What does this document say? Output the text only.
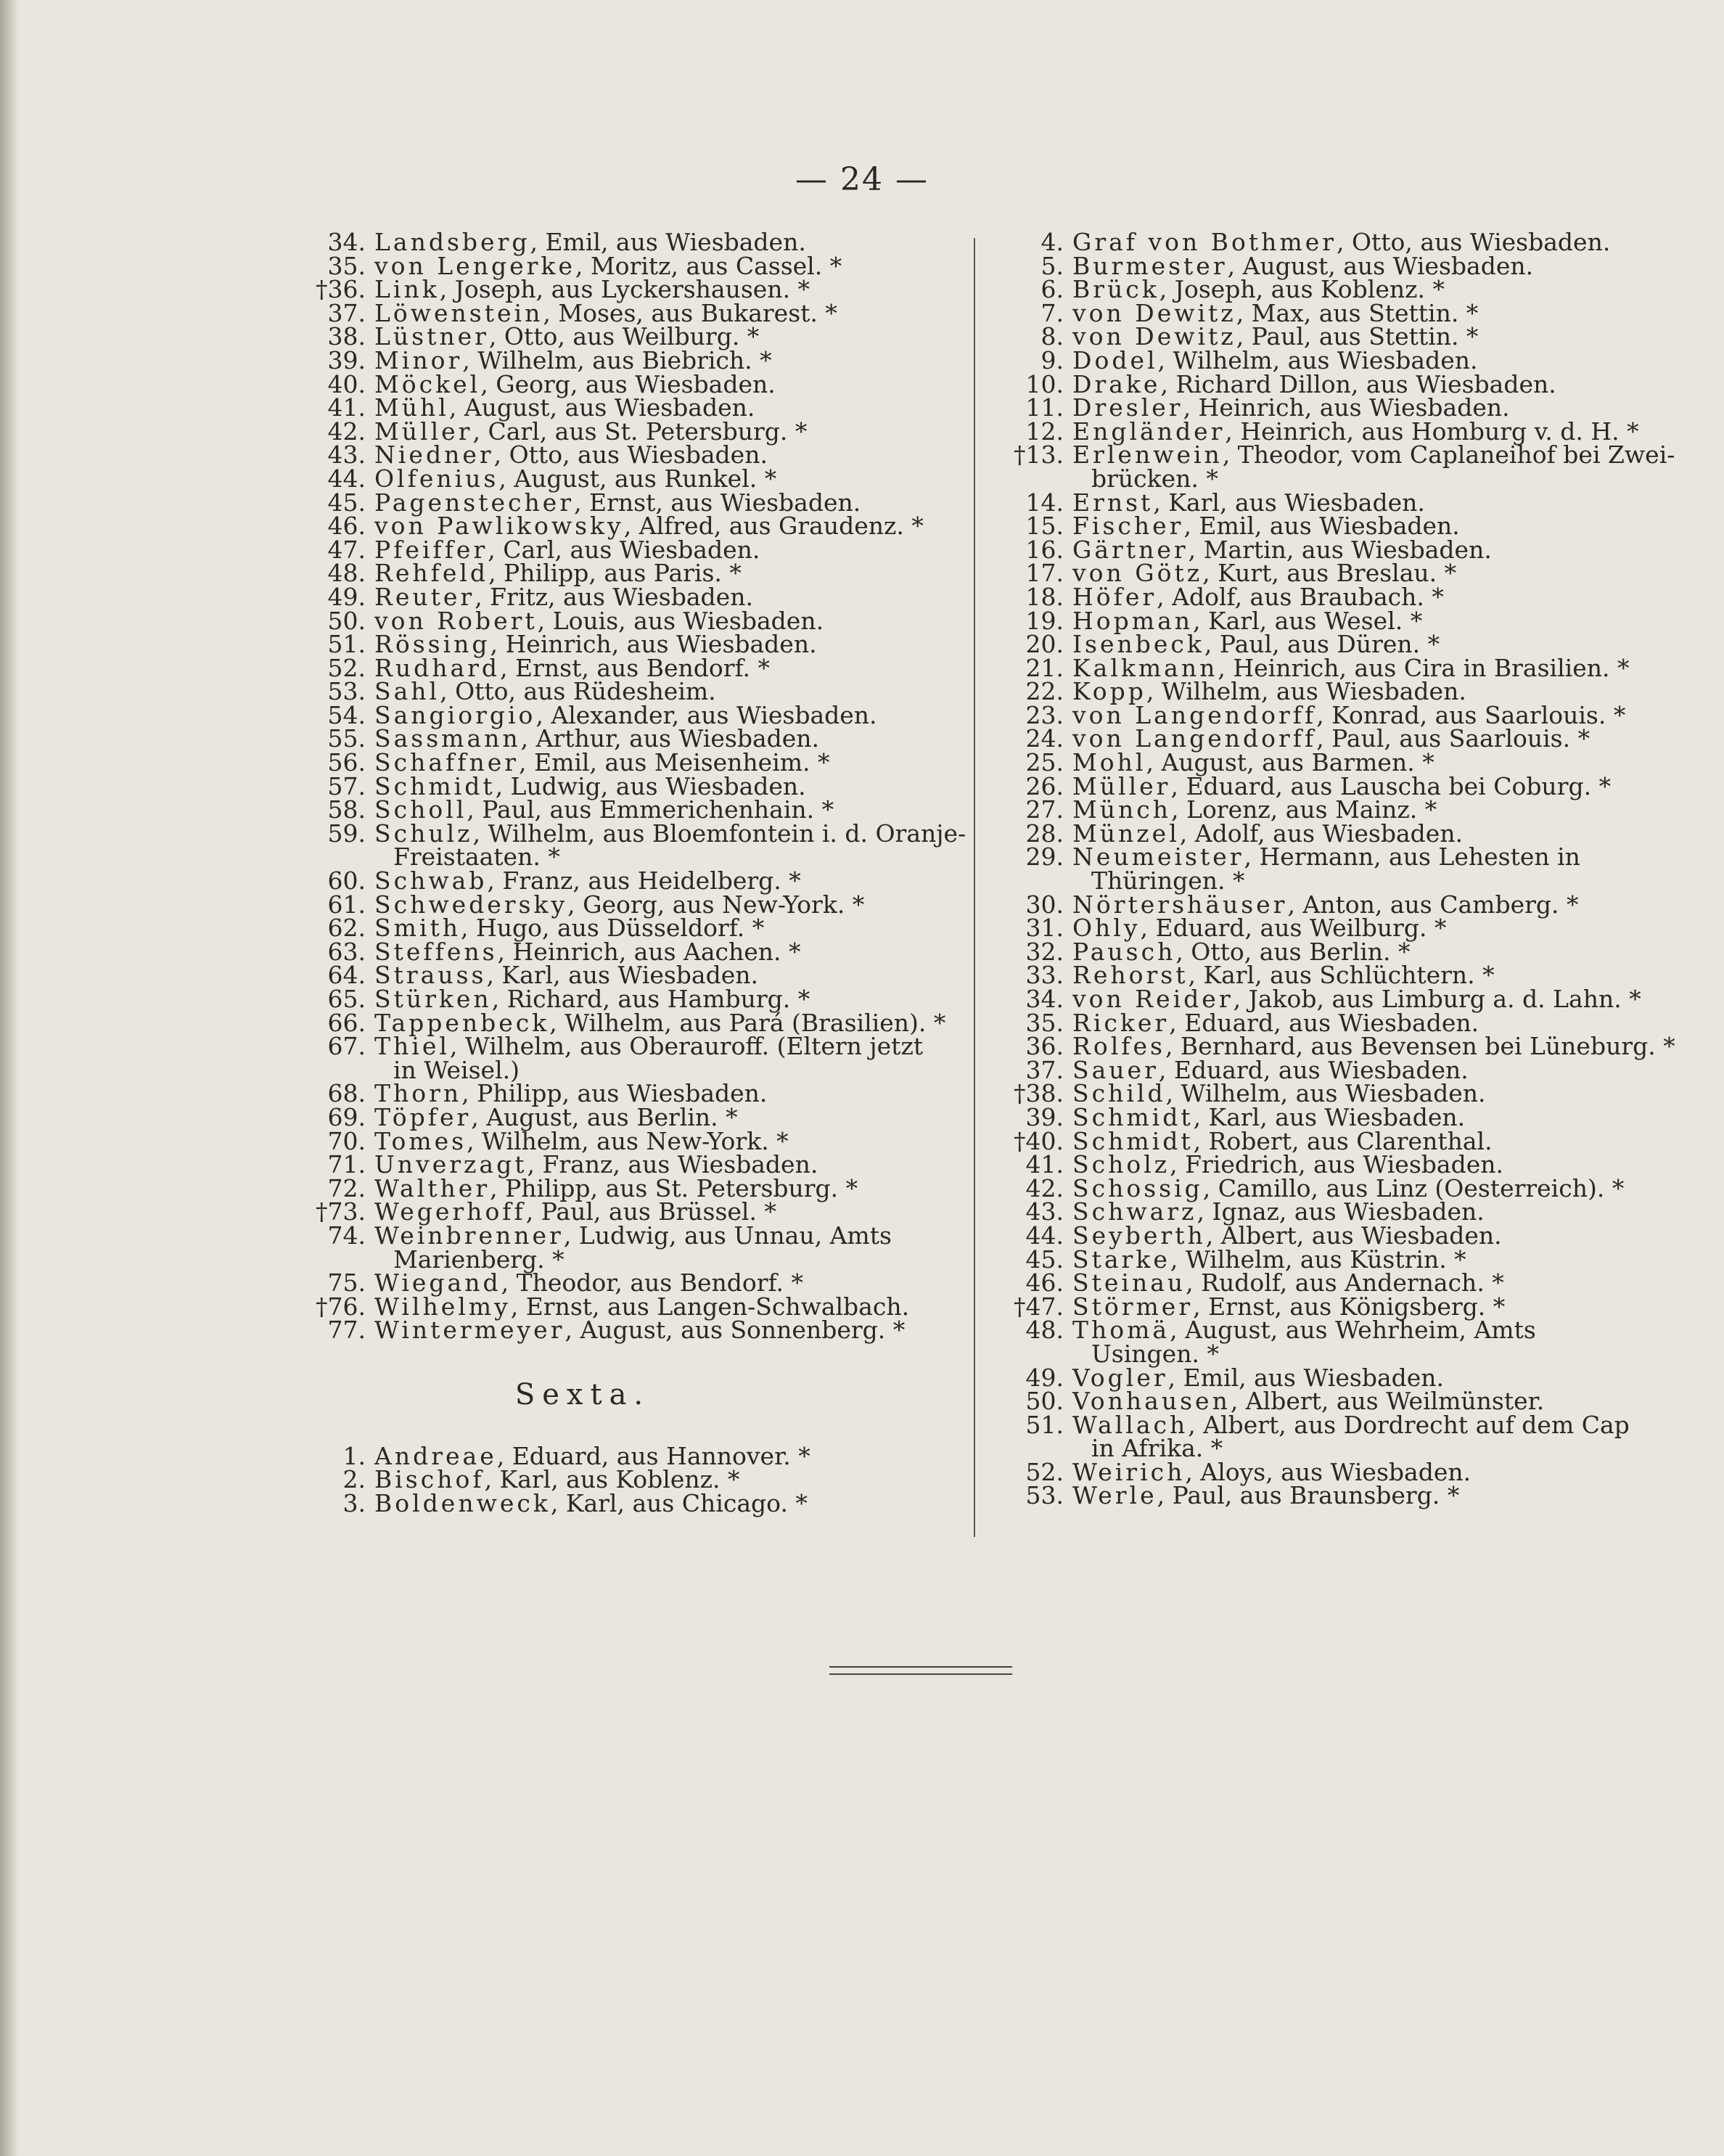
— 24 —
34. Landsberg, Emil, aus Wiesbaden.
35. von Lengerke, Moritz, aus Cassel. *
†36. Link, Joseph, aus Lyckershausen. *
37. Löwenstein, Moses, aus Bukarest. *
38. Lüstner, Otto, aus Weilburg. *
39. Minor, Wilhelm, aus Biebrich. *
40. Möckel, Georg, aus Wiesbaden.
41. Mühl, August, aus Wiesbaden.
42. Müller, Carl, aus St. Petersburg. *
43. Niedner, Otto, aus Wiesbaden.
44. Olfenius, August, aus Runkel. *
45. Pagenstecher, Ernst, aus Wiesbaden.
46. von Pawlikowsky, Alfred, aus Graudenz. *
47. Pfeiffer, Carl, aus Wiesbaden.
48. Rehfeld, Philipp, aus Paris. *
49. Reuter, Fritz, aus Wiesbaden.
50. von Robert, Louis, aus Wiesbaden.
51. Rössing, Heinrich, aus Wiesbaden.
52. Rudhard, Ernst, aus Bendorf. *
53. Sahl, Otto, aus Rüdesheim.
54. Sangiorgio, Alexander, aus Wiesbaden.
55. Sassmann, Arthur, aus Wiesbaden.
56. Schaffner, Emil, aus Meisenheim. *
57. Schmidt, Ludwig, aus Wiesbaden.
58. Scholl, Paul, aus Emmerichenhain. *
59. Schulz, Wilhelm, aus Bloemfontein i. d. Oranje-
Freistaaten. *
60. Schwab, Franz, aus Heidelberg. *
61. Schwedersky, Georg, aus New-York. *
62. Smith, Hugo, aus Düsseldorf. *
63. Steffens, Heinrich, aus Aachen. *
64. Strauss, Karl, aus Wiesbaden.
65. Stürken, Richard, aus Hamburg. *
66. Tappenbeck, Wilhelm, aus Pará (Brasilien). *
67. Thiel, Wilhelm, aus Oberauroff. (Eltern jetzt
in Weisel.)
68. Thorn, Philipp, aus Wiesbaden.
69. Töpfer, August, aus Berlin. *
70. Tomes, Wilhelm, aus New-York. *
71. Unverzagt, Franz, aus Wiesbaden.
72. Walther, Philipp, aus St. Petersburg. *
†73. Wegerhoff, Paul, aus Brüssel. *
74. Weinbrenner, Ludwig, aus Unnau, Amts
Marienberg. *
75. Wiegand, Theodor, aus Bendorf. *
†76. Wilhelmy, Ernst, aus Langen-Schwalbach.
77. Wintermeyer, August, aus Sonnenberg. *
Sexta.
1. Andreae, Eduard, aus Hannover. *
2. Bischof, Karl, aus Koblenz. *
3. Boldenweck, Karl, aus Chicago. *
4. Graf von Bothmer, Otto, aus Wiesbaden.
5. Burmester, August, aus Wiesbaden.
6. Brück, Joseph, aus Koblenz. *
7. von Dewitz, Max, aus Stettin. *
8. von Dewitz, Paul, aus Stettin. *
9. Dodel, Wilhelm, aus Wiesbaden.
10. Drake, Richard Dillon, aus Wiesbaden.
11. Dresler, Heinrich, aus Wiesbaden.
12. Engländer, Heinrich, aus Homburg v. d. H. *
†13. Erlenwein, Theodor, vom Caplaneihof bei Zwei-
brücken. *
14. Ernst, Karl, aus Wiesbaden.
15. Fischer, Emil, aus Wiesbaden.
16. Gärtner, Martin, aus Wiesbaden.
17. von Götz, Kurt, aus Breslau. *
18. Höfer, Adolf, aus Braubach. *
19. Hopman, Karl, aus Wesel. *
20. Isenbeck, Paul, aus Düren. *
21. Kalkmann, Heinrich, aus Cira in Brasilien. *
22. Kopp, Wilhelm, aus Wiesbaden.
23. von Langendorff, Konrad, aus Saarlouis. *
24. von Langendorff, Paul, aus Saarlouis. *
25. Mohl, August, aus Barmen. *
26. Müller, Eduard, aus Lauscha bei Coburg. *
27. Münch, Lorenz, aus Mainz. *
28. Münzel, Adolf, aus Wiesbaden.
29. Neumeister, Hermann, aus Lehesten in
Thüringen. *
30. Nörtershäuser, Anton, aus Camberg. *
31. Ohly, Eduard, aus Weilburg. *
32. Pausch, Otto, aus Berlin. *
33. Rehorst, Karl, aus Schlüchtern. *
34. von Reider, Jakob, aus Limburg a. d. Lahn. *
35. Ricker, Eduard, aus Wiesbaden.
36. Rolfes, Bernhard, aus Bevensen bei Lüneburg. *
37. Sauer, Eduard, aus Wiesbaden.
†38. Schild, Wilhelm, aus Wiesbaden.
39. Schmidt, Karl, aus Wiesbaden.
†40. Schmidt, Robert, aus Clarenthal.
41. Scholz, Friedrich, aus Wiesbaden.
42. Schossig, Camillo, aus Linz (Oesterreich). *
43. Schwarz, Ignaz, aus Wiesbaden.
44. Seyberth, Albert, aus Wiesbaden.
45. Starke, Wilhelm, aus Küstrin. *
46. Steinau, Rudolf, aus Andernach. *
†47. Störmer, Ernst, aus Königsberg. *
48. Thomä, August, aus Wehrheim, Amts
Usingen. *
49. Vogler, Emil, aus Wiesbaden.
50. Vonhausen, Albert, aus Weilmünster.
51. Wallach, Albert, aus Dordrecht auf dem Cap
in Afrika. *
52. Weirich, Aloys, aus Wiesbaden.
53. Werle, Paul, aus Braunsberg. *
